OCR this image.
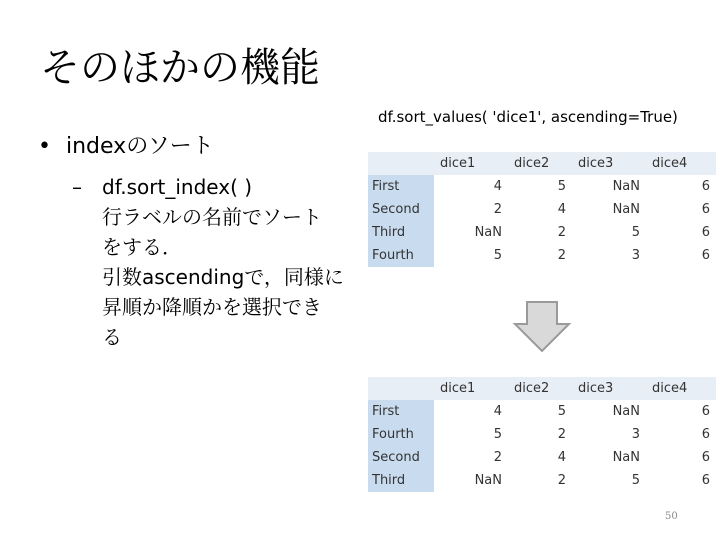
そのほかの機能
• indexのソート
– df.sort_index( )
行ラベルの名前でソート
をする．
引数ascendingで，同様に
昇順か降順かを選択でき
る
df.sort_values( 'dice1', ascending=True)
	dice1	dice2	dice3	dice4
First	4	5	NaN	6
Second	2	4	NaN	6
Third	NaN	2	5	6
Fourth	5	2	3	6
	dice1	dice2	dice3	dice4
First	4	5	NaN	6
Fourth	5	2	3	6
Second	2	4	NaN	6
Third	NaN	2	5	6
50
